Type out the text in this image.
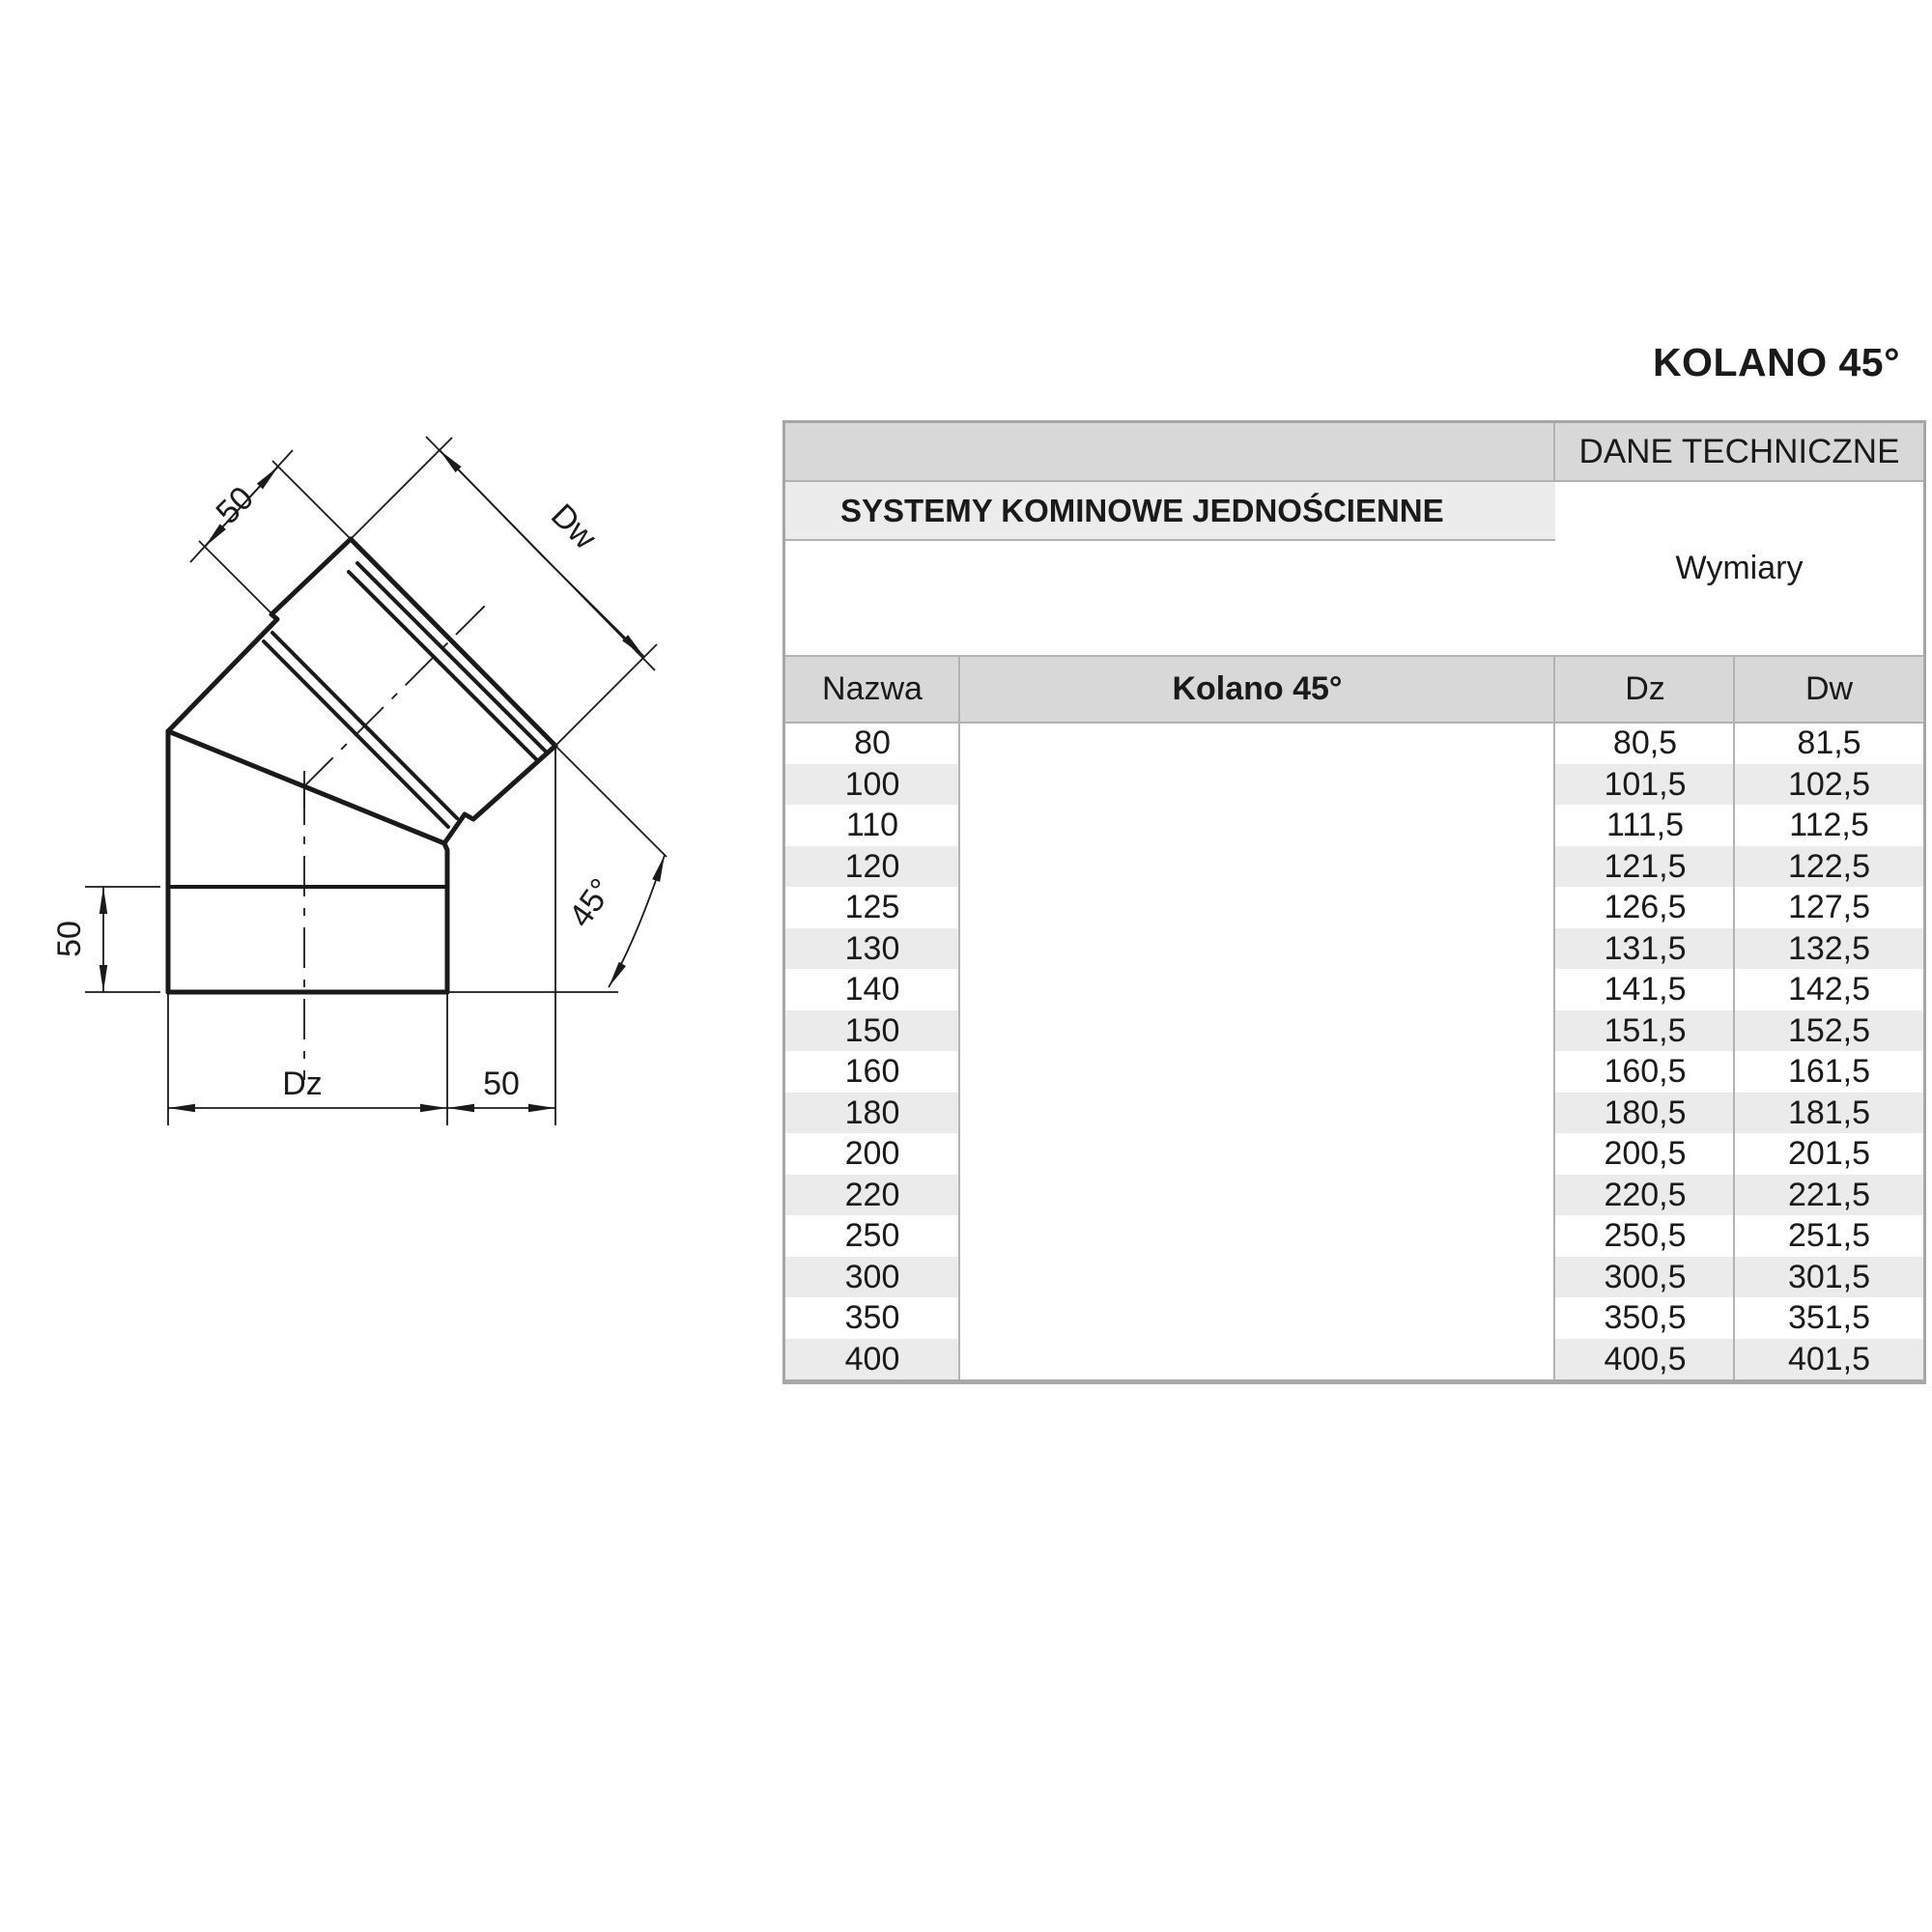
KOLANO 45°
50	Dw
50
45°
Dz	50
80	80,5	81,5
100	101,5	102,5
110	111,5	112,5
120	121,5	122,5
125	126,5	127,5
130	131,5	132,5
140	141,5	142,5
150	151,5	152,5
160	160,5	161,5
180	180,5	181,5
200	200,5	201,5
220	220,5	221,5
250	250,5	251,5
300	300,5	301,5
350	350,5	351,5
400	400,5	401,5
DANE TECHNICZNE
SYSTEMY KOMINOWE JEDNOŚCIENNE
Wymiary
Nazwa	Kolano 45°	Dz	Dw
